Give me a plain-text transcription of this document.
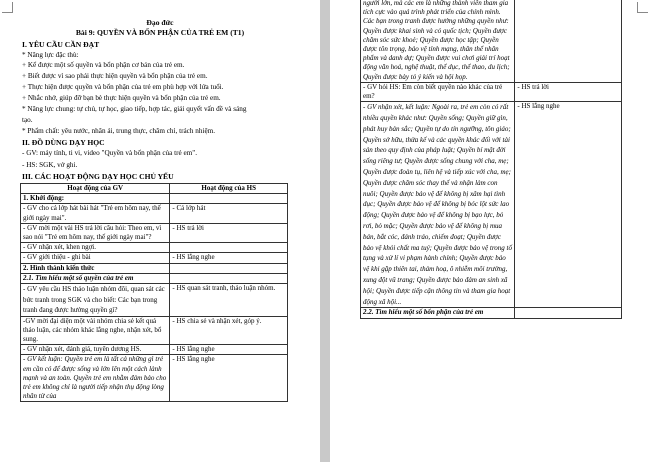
Đạo đức
Bài 9: QUYỀN VÀ BỔN PHẬN CỦA TRẺ EM (T1)
I. YÊU CẦU CẦN ĐẠT
* Năng lực đặc thù:
+ Kể được một số quyền và bổn phận cơ bản của trẻ em.
+ Biết được vì sao phải thực hiện quyền và bổn phận của trẻ em.
+ Thực hiện được quyền và bổn phận của trẻ em phù hợp với lứa tuổi.
+ Nhắc nhở, giúp đỡ bạn bè thực hiện quyền và bổn phận của trẻ em.
* Năng lực chung: tự chủ, tự học, giao tiếp, hợp tác, giải quyết vấn đề và sáng
tạo.
* Phẩm chất: yêu nước, nhân ái, trung thực, chăm chỉ, trách nhiệm.
II. ĐỒ DÙNG DẠY HỌC
- GV: máy tính, ti vi, video "Quyền và bổn phận của trẻ em".
- HS: SGK, vở ghi.
III. CÁC HOẠT ĐỘNG DẠY HỌC CHỦ YẾU
Hoạt động của GV	Hoạt động của HS
1. Khởi động:	
- GV cho cả lớp hát bài hát "Trẻ em hôm nay, thế giới ngày mai".	- Cả lớp hát
- GV mời một vài HS trả lời câu hỏi: Theo em, vì sao nói "Trẻ em hôm nay, thế giới ngày mai"?	- HS trả lời
- GV nhận xét, khen ngợi.	
- GV giới thiệu - ghi bài	- HS lắng nghe
2. Hình thành kiến thức	
2.1. Tìm hiểu một số quyền của trẻ em	
- GV yêu cầu HS thảo luận nhóm đôi, quan sát các bức tranh trong SGK và cho biết: Các bạn trong tranh đang được hưởng quyền gì?	- HS quan sát tranh, thảo luận nhóm.
-GV mời đại diện một vài nhóm chia sẻ kết quả thảo luận, các nhóm khác lắng nghe, nhận xét, bổ sung.	- HS chia sẻ và nhận xét, góp ý.
- GV nhận xét, đánh giá, tuyên dương HS.	- HS lắng nghe
- GV kết luận: Quyền trẻ em là tất cả những gì trẻ em cần có để được sống và lớn lên một cách lành mạnh và an toàn. Quyền trẻ em nhằm đảm bảo cho trẻ em không chỉ là người tiếp nhận thụ động lòng nhân từ của	- HS lắng nghe
người lớn, mà các em là những thành viên tham gia tích cực vào quá trình phát triển của chính mình. Các bạn trong tranh được hưởng những quyền như: Quyền được khai sinh và có quốc tịch; Quyền được chăm sóc sức khoẻ; Quyền được học tập; Quyền được tôn trọng, bảo vệ tính mạng, thân thể nhân phẩm và danh dự; Quyền được vui chơi giải trí hoạt động văn hoá, nghệ thuật, thể dục, thể thao, du lịch; Quyền được bày tỏ ý kiến và hội họp.	
- GV hỏi HS: Em còn biết quyền nào khác của trẻ em?	- HS trả lời
- GV nhận xét, kết luận: Ngoài ra, trẻ em còn có rất nhiều quyền khác như: Quyền sống; Quyền giữ gìn, phát huy bản sắc; Quyền tự do tín ngưỡng, tôn giáo; Quyền sở hữu, thừa kế và các quyền khác đối với tài sản theo quy định của pháp luật; Quyền bí mật đời sống riêng tư; Quyền được sống chung với cha, mẹ; Quyền được đoàn tụ, liên hệ và tiếp xúc với cha, mẹ; Quyền được chăm sóc thay thế và nhận làm con nuôi; Quyền được bảo vệ để không bị xâm hại tình dục; Quyền được bảo vệ để không bị bóc lột sức lao động; Quyền được bảo vệ để không bị bạo lực, bỏ rơi, bỏ mặc; Quyền được bảo vệ để không bị mua bán, bắt cóc, đánh tráo, chiếm đoạt; Quyền được bảo vệ khỏi chất ma tuý; Quyền được bảo vệ trong tố tụng và xử lí vi phạm hành chính; Quyền được bảo vệ khi gặp thiên tai, thảm hoạ, ô nhiễm môi trường, xung đột vũ trang; Quyền được bảo đảm an sinh xã hội; Quyền được tiếp cận thông tin và tham gia hoạt động xã hội...	- HS lắng nghe
2.2. Tìm hiểu một số bổn phận của trẻ em	
